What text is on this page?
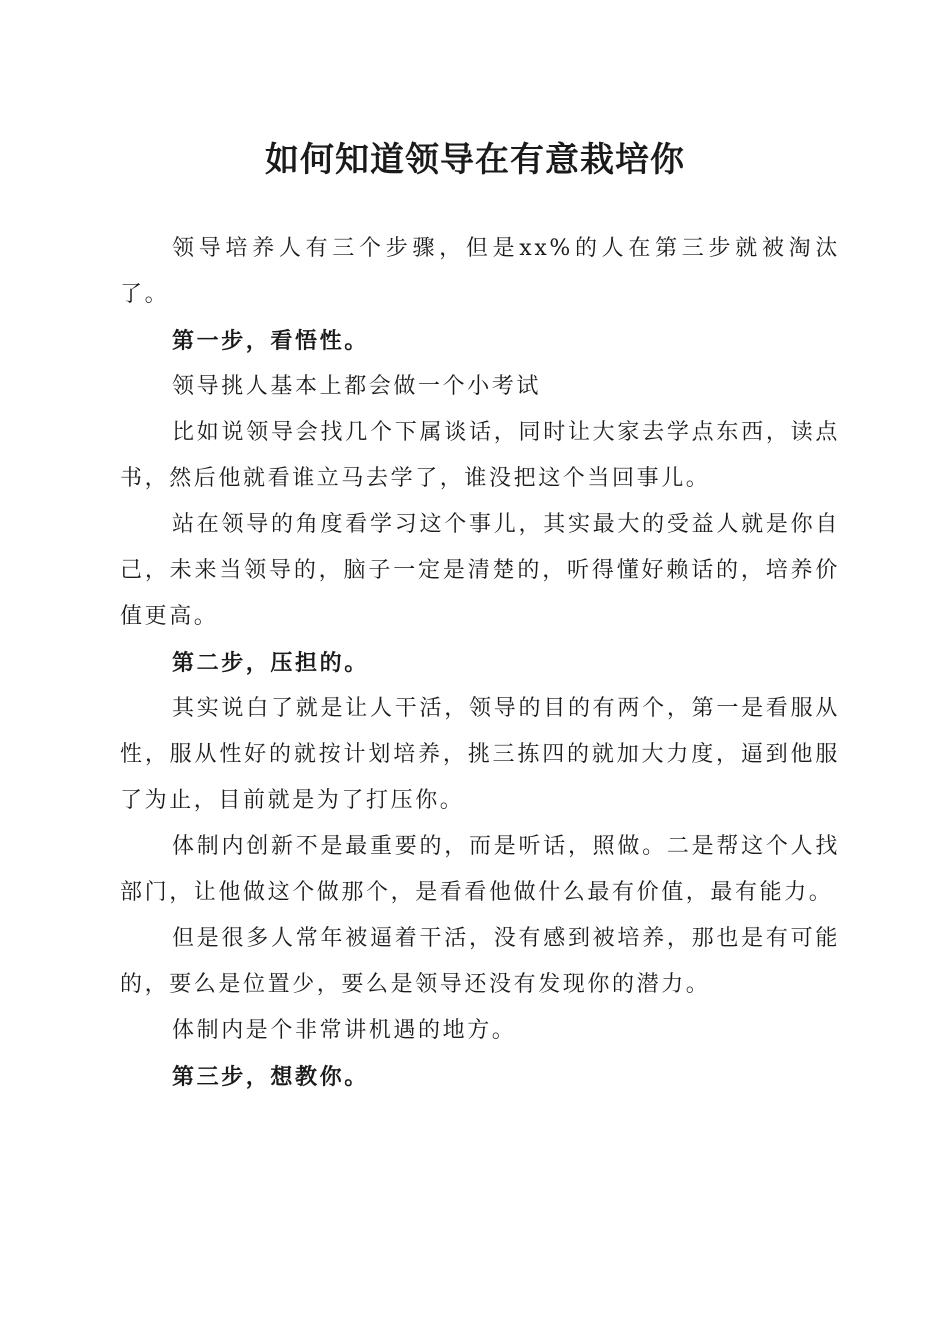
如何知道领导在有意栽培你

领导培养人有三个步骤，但是xx%的人在第三步就被淘汰了。

第一步，看悟性。

领导挑人基本上都会做一个小考试

比如说领导会找几个下属谈话，同时让大家去学点东西，读点书，然后他就看谁立马去学了，谁没把这个当回事儿。

站在领导的角度看学习这个事儿，其实最大的受益人就是你自己，未来当领导的，脑子一定是清楚的，听得懂好赖话的，培养价值更高。

第二步，压担的。

其实说白了就是让人干活，领导的目的有两个，第一是看服从性，服从性好的就按计划培养，挑三拣四的就加大力度，逼到他服了为止，目前就是为了打压你。

体制内创新不是最重要的，而是听话，照做。二是帮这个人找部门，让他做这个做那个，是看看他做什么最有价值，最有能力。

但是很多人常年被逼着干活，没有感到被培养，那也是有可能的，要么是位置少，要么是领导还没有发现你的潜力。

体制内是个非常讲机遇的地方。

第三步，想教你。
